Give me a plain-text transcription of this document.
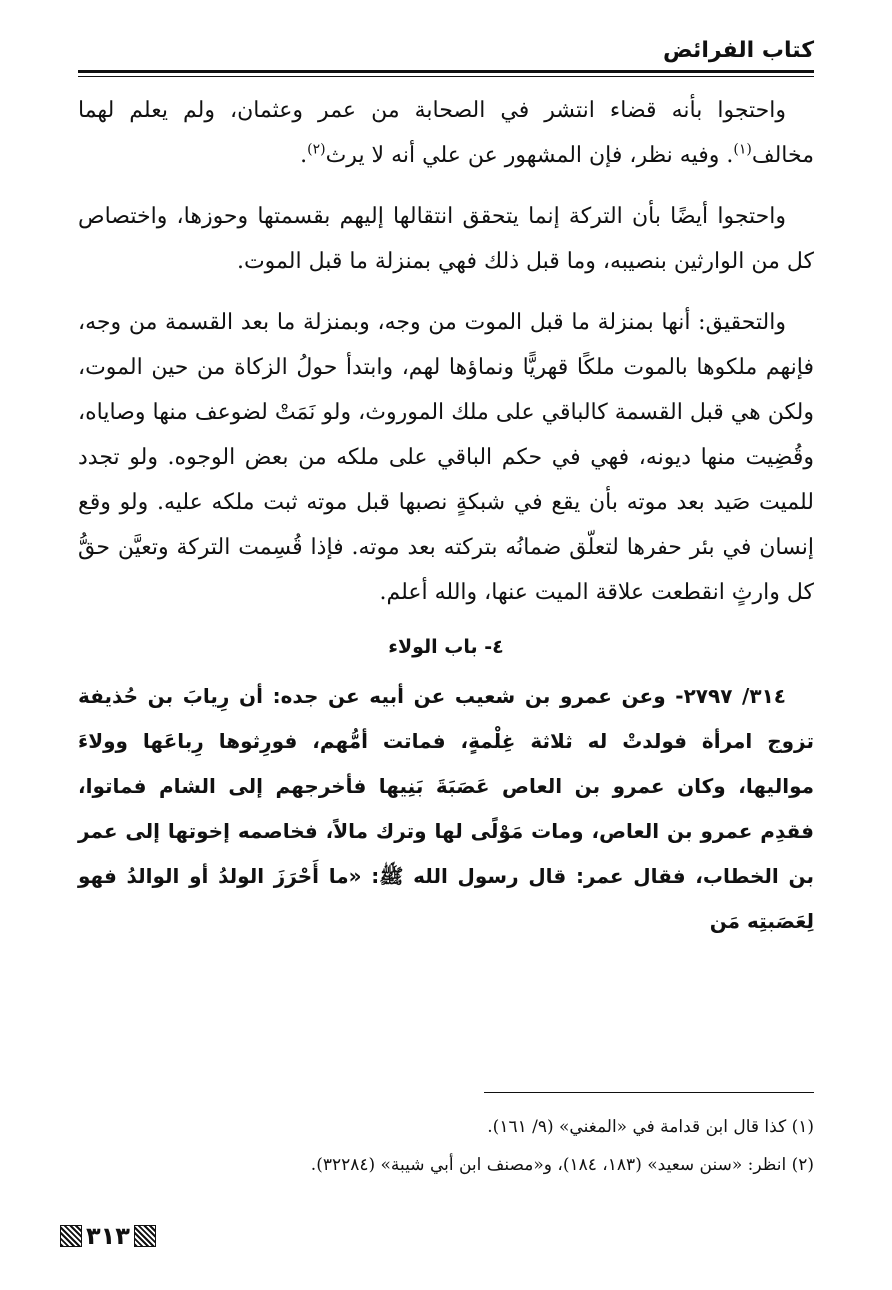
كتاب الفرائض

واحتجوا بأنه قضاء انتشر في الصحابة من عمر وعثمان، ولم يعلم لهما مخالف$^{(١)}$. وفيه نظر، فإن المشهور عن علي أنه لا يرث$^{(٢)}$.

واحتجوا أيضًا بأن التركة إنما يتحقق انتقالها إليهم بقسمتها وحوزها، واختصاص كل من الوارثين بنصيبه، وما قبل ذلك فهي بمنزلة ما قبل الموت.

والتحقيق: أنها بمنزلة ما قبل الموت من وجه، وبمنزلة ما بعد القسمة من وجه، فإنهم ملكوها بالموت ملكًا قهريًّا ونماؤها لهم، وابتدأ حولُ الزكاة من حين الموت، ولكن هي قبل القسمة كالباقي على ملك الموروث، ولو نَمَتْ لضوعف منها وصاياه، وقُضِيت منها ديونه، فهي في حكم الباقي على ملكه من بعض الوجوه. ولو تجدد للميت صَيد بعد موته بأن يقع في شبكةٍ نصبها قبل موته ثبت ملكه عليه. ولو وقع إنسان في بئر حفرها لتعلّق ضمانُه بتركته بعد موته. فإذا قُسِمت التركة وتعيَّن حقُّ كل وارثٍ انقطعت علاقة الميت عنها، والله أعلم.

٤- باب الولاء

٣١٤/ ٢٧٩٧- وعن عمرو بن شعيب عن أبيه عن جده: أن رِيابَ بن حُذيفة تزوج امرأة فولدتْ له ثلاثة غِلْمةٍ، فماتت أمُّهم، فورِثوها رِباعَها وولاءَ مواليها، وكان عمرو بن العاص عَصَبَةَ بَنِيها فأخرجهم إلى الشام فماتوا، فقدِم عمرو بن العاص، ومات مَوْلًى لها وترك مالاً، فخاصمه إخوتها إلى عمر بن الخطاب، فقال عمر: قال رسول الله ﷺ: «ما أَحْرَزَ الولدُ أو الوالدُ فهو لِعَصَبتِه مَن

(١) كذا قال ابن قدامة في «المغني» (٩/ ١٦١).
(٢) انظر: «سنن سعيد» (١٨٣، ١٨٤)، و«مصنف ابن أبي شيبة» (٣٢٢٨٤).
٣١٣
